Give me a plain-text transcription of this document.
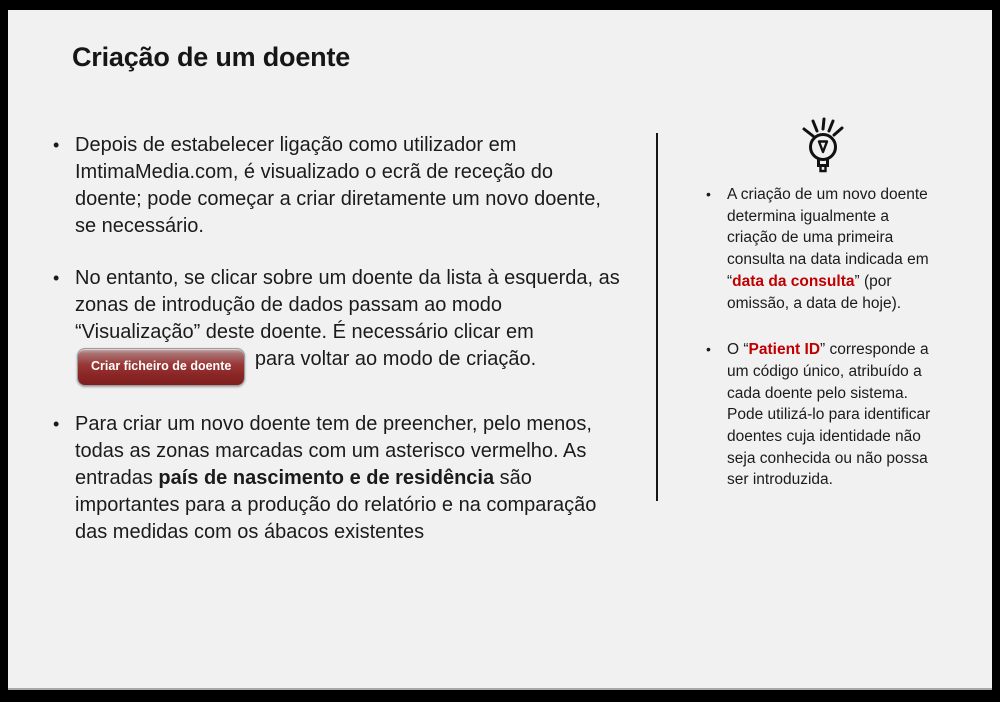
Criação de um doente
• Depois de estabelecer ligação como utilizador em ImtimaMedia.com, é visualizado o ecrã de receção do doente; pode começar a criar diretamente um novo doente, se necessário.
• No entanto, se clicar sobre um doente da lista à esquerda, as zonas de introdução de dados passam ao modo “Visualização” deste doente. É necessário clicar em Criar ficheiro de doente para voltar ao modo de criação.
• Para criar um novo doente tem de preencher, pelo menos, todas as zonas marcadas com um asterisco vermelho. As entradas país de nascimento e de residência são importantes para a produção do relatório e na comparação das medidas com os ábacos existentes
• A criação de um novo doente determina igualmente a criação de uma primeira consulta na data indicada em “data da consulta” (por omissão, a data de hoje).
• O “Patient ID” corresponde a um código único, atribuído a cada doente pelo sistema. Pode utilizá-lo para identificar doentes cuja identidade não seja conhecida ou não possa ser introduzida.
